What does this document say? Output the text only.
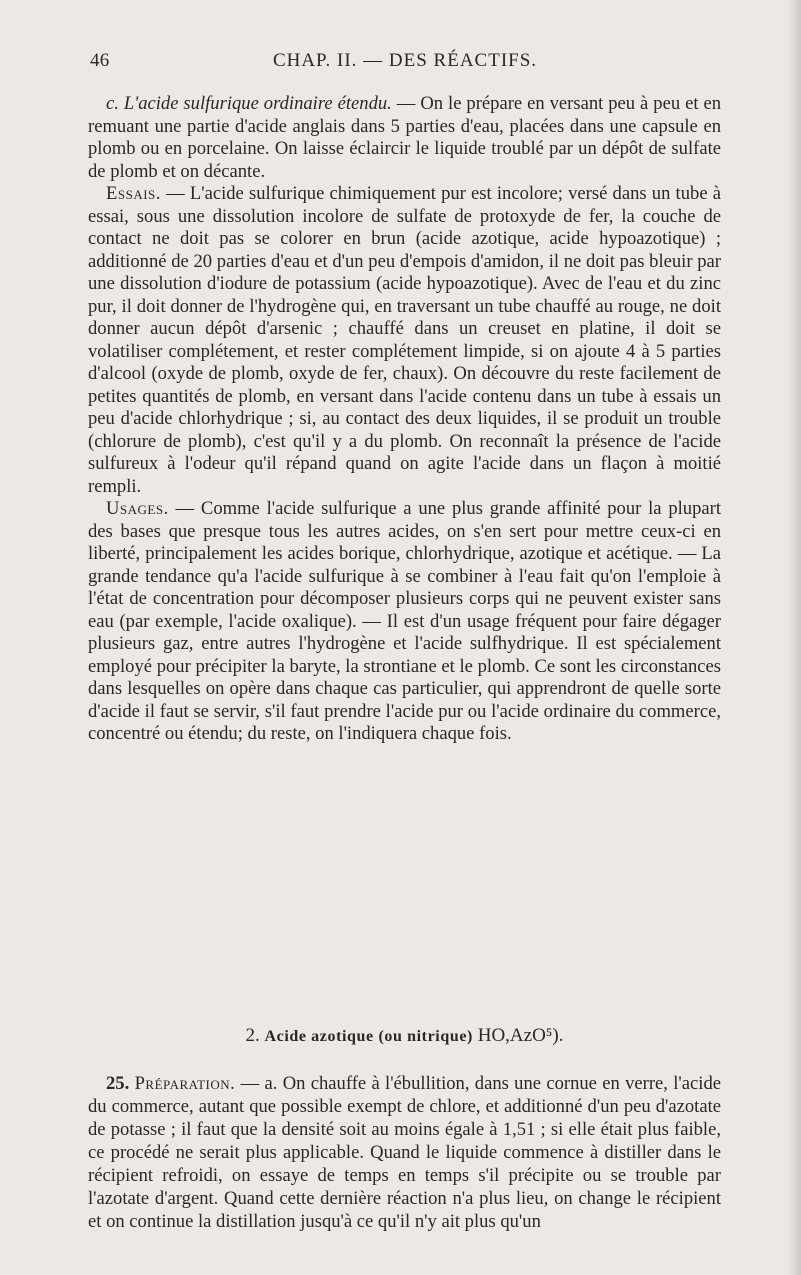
46	CHAP. II. — DES RÉACTIFS.

c. L'acide sulfurique ordinaire étendu. — On le prépare en versant peu à peu et en remuant une partie d'acide anglais dans 5 parties d'eau, placées dans une capsule en plomb ou en porcelaine. On laisse éclaircir le liquide troublé par un dépôt de sulfate de plomb et on décante.

Essais. — L'acide sulfurique chimiquement pur est incolore; versé dans un tube à essai, sous une dissolution incolore de sulfate de protoxyde de fer, la couche de contact ne doit pas se colorer en brun (acide azotique, acide hypoazotique) ; additionné de 20 parties d'eau et d'un peu d'empois d'amidon, il ne doit pas bleuir par une dissolution d'iodure de potassium (acide hypoazotique). Avec de l'eau et du zinc pur, il doit donner de l'hydrogène qui, en traversant un tube chauffé au rouge, ne doit donner aucun dépôt d'arsenic ; chauffé dans un creuset en platine, il doit se volatiliser complétement, et rester complétement limpide, si on ajoute 4 à 5 parties d'alcool (oxyde de plomb, oxyde de fer, chaux). On découvre du reste facilement de petites quantités de plomb, en versant dans l'acide contenu dans un tube à essais un peu d'acide chlorhydrique ; si, au contact des deux liquides, il se produit un trouble (chlorure de plomb), c'est qu'il y a du plomb. On reconnaît la présence de l'acide sulfureux à l'odeur qu'il répand quand on agite l'acide dans un flaçon à moitié rempli.

Usages. — Comme l'acide sulfurique a une plus grande affinité pour la plupart des bases que presque tous les autres acides, on s'en sert pour mettre ceux-ci en liberté, principalement les acides borique, chlorhydrique, azotique et acétique. — La grande tendance qu'a l'acide sulfurique à se combiner à l'eau fait qu'on l'emploie à l'état de concentration pour décomposer plusieurs corps qui ne peuvent exister sans eau (par exemple, l'acide oxalique). — Il est d'un usage fréquent pour faire dégager plusieurs gaz, entre autres l'hydrogène et l'acide sulfhydrique. Il est spécialement employé pour précipiter la baryte, la strontiane et le plomb. Ce sont les circonstances dans lesquelles on opère dans chaque cas particulier, qui apprendront de quelle sorte d'acide il faut se servir, s'il faut prendre l'acide pur ou l'acide ordinaire du commerce, concentré ou étendu; du reste, on l'indiquera chaque fois.

2. Acide azotique (ou nitrique) HO,AzO⁵).

25. Préparation. — a. On chauffe à l'ébullition, dans une cornue en verre, l'acide du commerce, autant que possible exempt de chlore, et additionné d'un peu d'azotate de potasse ; il faut que la densité soit au moins égale à 1,51 ; si elle était plus faible, ce procédé ne serait plus applicable. Quand le liquide commence à distiller dans le récipient refroidi, on essaye de temps en temps s'il précipite ou se trouble par l'azotate d'argent. Quand cette dernière réaction n'a plus lieu, on change le récipient et on continue la distillation jusqu'à ce qu'il n'y ait plus qu'un
